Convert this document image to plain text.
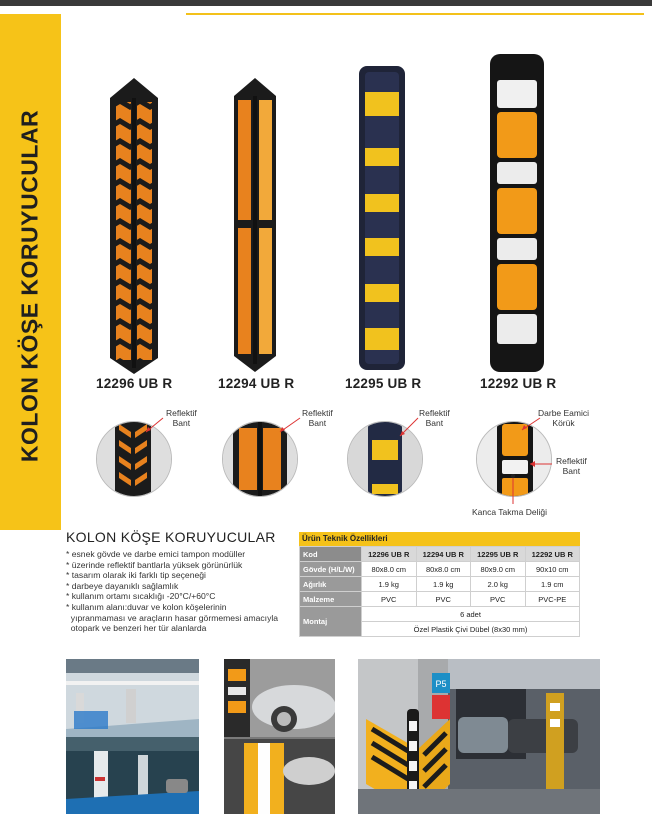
KOLON KÖŞE KORUYUCULAR	12296 UB R	12294 UB R	12295 UB R	12292 UB R
Reflektif
Bant
Reflektif
Bant
Reflektif
Bant
Darbe Eamici
Körük
Reflektif
Bant
Kanca Takma Deliği
KOLON KÖŞE KORUYUCULAR
* esnek gövde ve darbe emici tampon modüller
* üzerinde reflektif bantlarla yüksek görünürlük
* tasarım olarak iki farklı tip seçeneği
* darbeye dayanıklı sağlamlık
* kullanım ortamı sıcaklığı -20°C/+60°C
* kullanım alanı:duvar ve kolon köşelerinin
yıpranmaması ve araçların hasar görmemesi amacıyla
otopark ve benzeri her tür alanlarda
Ürün Teknik Özellikleri
Kod	12296 UB R	12294 UB R	12295 UB R	12292 UB R
Gövde (H/L/W)	80x8.0 cm	80x8.0 cm	80x9.0 cm	90x10 cm
Ağırlık	1.9 kg	1.9 kg	2.0 kg	1.9 cm
Malzeme	PVC	PVC	PVC	PVC-PE
Montaj	6 adet			
	Özel Plastik Çivi Dübel (8x30 mm)			
P5
